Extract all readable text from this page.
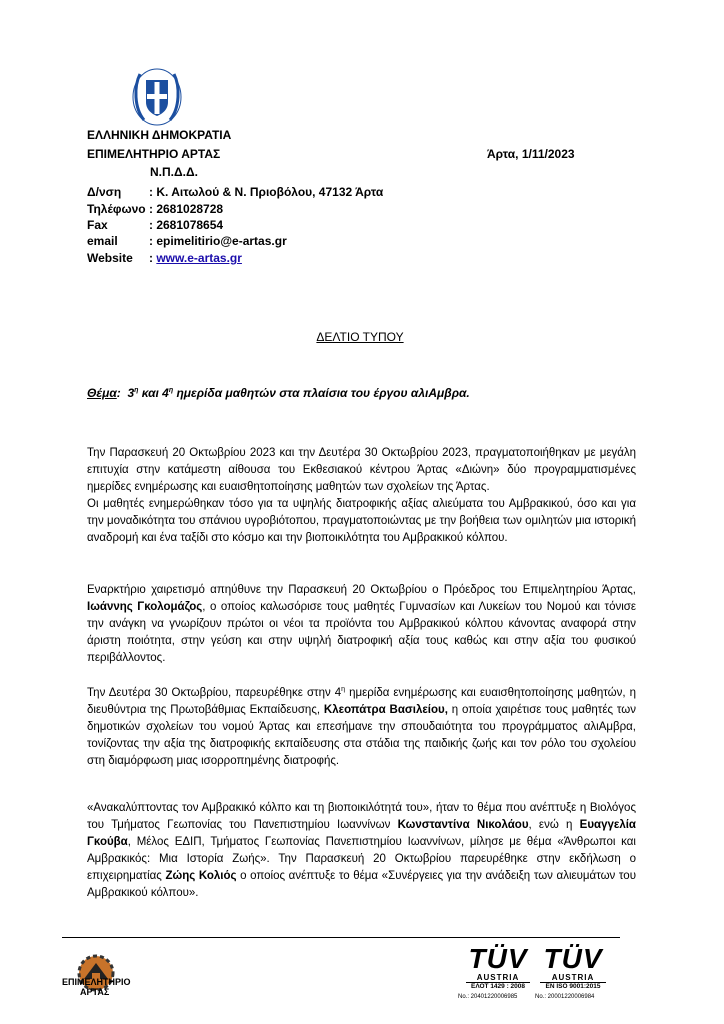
ΕΛΛΗΝΙΚΗ ΔΗΜΟΚΡΑΤΙΑ
ΕΠΙΜΕΛΗΤΗΡΙΟ ΑΡΤΑΣ
Ν.Π.Δ.Δ.
Άρτα, 1/11/2023
Δ/νση : Κ. Αιτωλού & Ν. Πριοβόλου, 47132 Άρτα
Τηλέφωνο : 2681028728
Fax	: 2681078654
email	: epimelitirio@e-artas.gr
Website : www.e-artas.gr
ΔΕΛΤΙΟ ΤΥΠΟΥ
Θέμα: $3^\eta$ και $4^\eta$ ημερίδα μαθητών στα πλαίσια του έργου αλιΑμβρα.
Την Παρασκευή 20 Οκτωβρίου 2023 και την Δευτέρα 30 Οκτωβρίου 2023, πραγματοποιήθηκαν με μεγάλη επιτυχία στην κατάμεστη αίθουσα του Εκθεσιακού κέντρου Άρτας «Διώνη» δύο προγραμματισμένες ημερίδες ενημέρωσης και ευαισθητοποίησης μαθητών των σχολείων της Άρτας.
Οι μαθητές ενημερώθηκαν τόσο για τα υψηλής διατροφικής αξίας αλιεύματα του Αμβρακικού, όσο και για την μοναδικότητα του σπάνιου υγροβιότοπου, πραγματοποιώντας με την βοήθεια των ομιλητών μια ιστορική αναδρομή και ένα ταξίδι στο κόσμο και την βιοποικιλότητα του Αμβρακικού κόλπου.
Εναρκτήριο χαιρετισμό απηύθυνε την Παρασκευή 20 Οκτωβρίου ο Πρόεδρος του Επιμελητηρίου Άρτας, Ιωάννης Γκολομάζος, ο οποίος καλωσόρισε τους μαθητές Γυμνασίων και Λυκείων του Νομού και τόνισε την ανάγκη να γνωρίζουν πρώτοι οι νέοι τα προϊόντα του Αμβρακικού κόλπου κάνοντας αναφορά στην άριστη ποιότητα, στην γεύση και στην υψηλή διατροφική αξία τους καθώς και στην αξία του φυσικού περιβάλλοντος.
Την Δευτέρα 30 Οκτωβρίου, παρευρέθηκε στην $4^\eta$ ημερίδα ενημέρωσης και ευαισθητοποίησης μαθητών, η διευθύντρια της Πρωτοβάθμιας Εκπαίδευσης, Κλεοπάτρα Βασιλείου, η οποία χαιρέτισε τους μαθητές των δημοτικών σχολείων του νομού Άρτας και επεσήμανε την σπουδαιότητα του προγράμματος αλιΑμβρα, τονίζοντας την αξία της διατροφικής εκπαίδευσης στα στάδια της παιδικής ζωής και τον ρόλο του σχολείου στη διαμόρφωση μιας ισορροπημένης διατροφής.
«Ανακαλύπτοντας τον Αμβρακικό κόλπο και τη βιοποικιλότητά του», ήταν το θέμα που ανέπτυξε η Βιολόγος του Τμήματος Γεωπονίας του Πανεπιστημίου Ιωαννίνων Κωνσταντίνα Νικολάου, ενώ η Ευαγγελία Γκούβα, Μέλος ΕΔΙΠ, Τμήματος Γεωπονίας Πανεπιστημίου Ιωαννίνων, μίλησε με θέμα «Άνθρωποι και Αμβρακικός: Μια Ιστορία Ζωής». Την Παρασκευή 20 Οκτωβρίου παρευρέθηκε στην εκδήλωση ο επιχειρηματίας Ζώης Κολιός ο οποίος ανέπτυξε το θέμα «Συνέργειες για την ανάδειξη των αλιευμάτων του Αμβρακικού κόλπου».
ΕΠΙΜΕΛΗΤΗΡΙΟ
ΑΡΤΑΣ
TÜV
AUSTRIA
ΕΛΟΤ 1429 : 2008
No.: 20401220006985
TÜV
AUSTRIA
EN ISO 9001:2015
No.: 20001220006984
